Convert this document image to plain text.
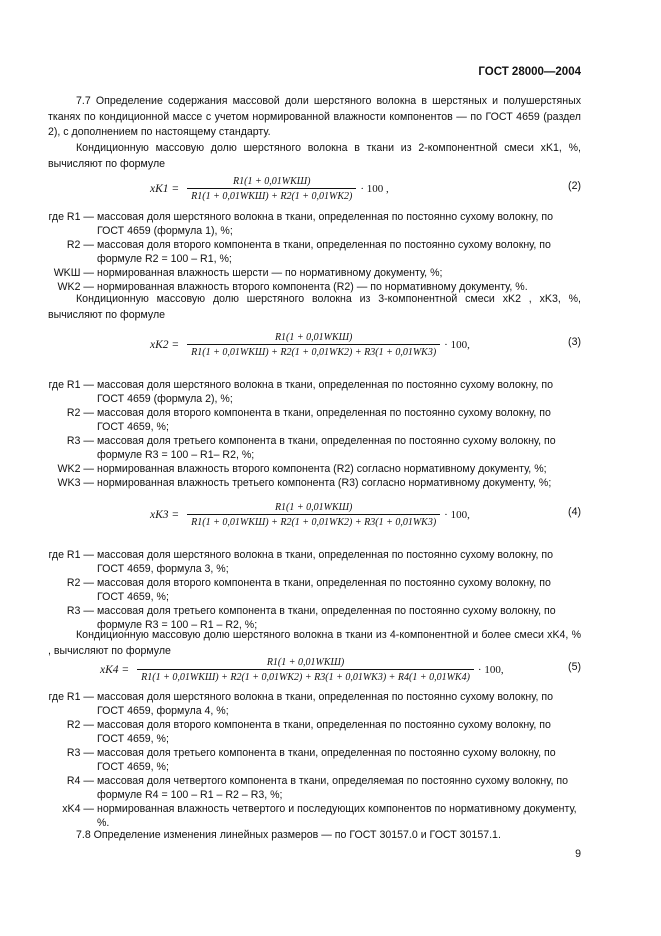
ГОСТ 28000—2004
7.7 Определение содержания массовой доли шерстяного волокна в шерстяных и полушерстяных тканях по кондиционной массе с учетом нормированной влажности компонентов — по ГОСТ 4659 (раздел 2), с дополнением по настоящему стандарту.
Кондиционную массовую долю шерстяного волокна в ткани из 2-компонентной смеси xK1, %, вычисляют по формуле
$xK1 = \frac{\text{R1(1 + 0,01WKШ)}}{\text{R1(1 + 0,01WKШ) + R2(1 + 0,01WK2)}} \cdot 100$ ,	(2)
где R1 — массовая доля шерстяного волокна в ткани, определенная по постоянно сухому волокну, по ГОСТ 4659 (формула 1), %;
R2 — массовая доля второго компонента в ткани, определенная по постоянно сухому волокну, по формуле R2 = 100 – R1, %;
WKШ — нормированная влажность шерсти — по нормативному документу, %;
WK2 — нормированная влажность второго компонента (R2) — по нормативному документу, %.
Кондиционную массовую долю шерстяного волокна из 3-компонентной смеси xK2 , xK3, %, вычисляют по формуле
$xK2 = \frac{\text{R1(1 + 0,01WKШ)}}{\text{R1(1 + 0,01WKШ) + R2(1 + 0,01WK2) + R3(1 + 0,01WK3)}} \cdot 100$,	(3)
где R1 — массовая доля шерстяного волокна в ткани, определенная по постоянно сухому волокну, по ГОСТ 4659 (формула 2), %;
R2 — массовая доля второго компонента в ткани, определенная по постоянно сухому волокну, по ГОСТ 4659, %;
R3 — массовая доля третьего компонента в ткани, определенная по постоянно сухому волокну, по формуле R3 = 100 – R1– R2, %;
WK2 — нормированная влажность второго компонента (R2) согласно нормативному документу, %;
WK3 — нормированная влажность третьего компонента (R3) согласно нормативному документу, %;
$xK3 = \frac{\text{R1(1 + 0,01WKШ)}}{\text{R1(1 + 0,01WKШ) + R2(1 + 0,01WK2) + R3(1 + 0,01WK3)}} \cdot 100$,	(4)
где R1 — массовая доля шерстяного волокна в ткани, определенная по постоянно сухому волокну, по ГОСТ 4659, формула 3, %;
R2 — массовая доля второго компонента в ткани, определенная по постоянно сухому волокну, по ГОСТ 4659, %;
R3 — массовая доля третьего компонента в ткани, определенная по постоянно сухому волокну, по формуле R3 = 100 – R1 – R2, %;
Кондиционную массовую долю шерстяного волокна в ткани из 4-компонентной и более смеси xK4, % , вычисляют по формуле
xK4 =
R1(1 + 0,01WKШ)
R1(1 + 0,01WKШ) + R2(1 + 0,01WK2) + R3(1 + 0,01WK3) + R4(1 + 0,01WK4)
· 100,	(5)
где R1 — массовая доля шерстяного волокна в ткани, определенная по постоянно сухому волокну, по ГОСТ 4659, формула 4, %;
R2 — массовая доля второго компонента в ткани, определенная по постоянно сухому волокну, по ГОСТ 4659, %;
R3 — массовая доля третьего компонента в ткани, определенная по постоянно сухому волокну, по ГОСТ 4659, %;
R4 — массовая доля четвертого компонента в ткани, определяемая по постоянно сухому волокну, по формуле R4 = 100 – R1 – R2 – R3, %;
xK4 — нормированная влажность четвертого и последующих компонентов по нормативному документу, %.
7.8 Определение изменения линейных размеров — по ГОСТ 30157.0 и ГОСТ 30157.1.
9
